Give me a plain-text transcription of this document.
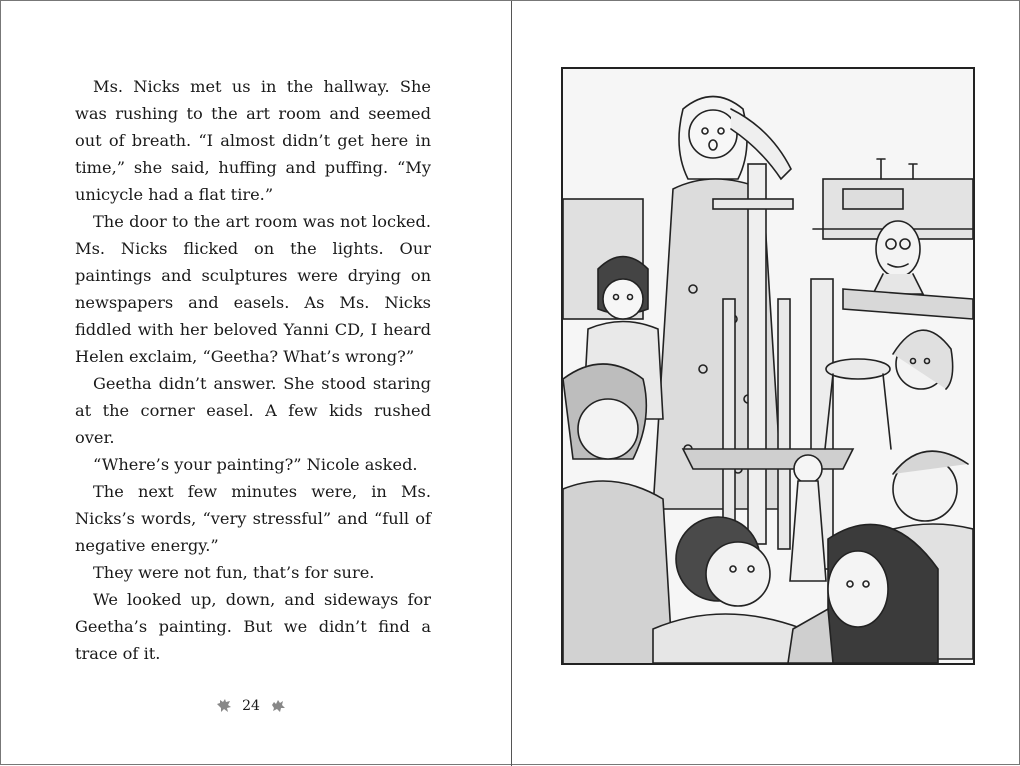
Ms. Nicks met us in the hallway. She was rushing to the art room and seemed out of breath. “I almost didn’t get here in time,” she said, huffing and puffing. “My unicycle had a flat tire.”

The door to the art room was not locked. Ms. Nicks flicked on the lights. Our paintings and sculptures were drying on newspapers and easels. As Ms. Nicks fiddled with her beloved Yanni CD, I heard Helen exclaim, “Geetha? What’s wrong?”

Geetha didn’t answer. She stood staring at the corner easel. A few kids rushed over.

“Where’s your painting?” Nicole asked.

The next few minutes were, in Ms. Nicks’s words, “very stressful” and “full of negative energy.”

They were not fun, that’s for sure.

We looked up, down, and sideways for Geetha’s painting. But we didn’t find a trace of it.

24
